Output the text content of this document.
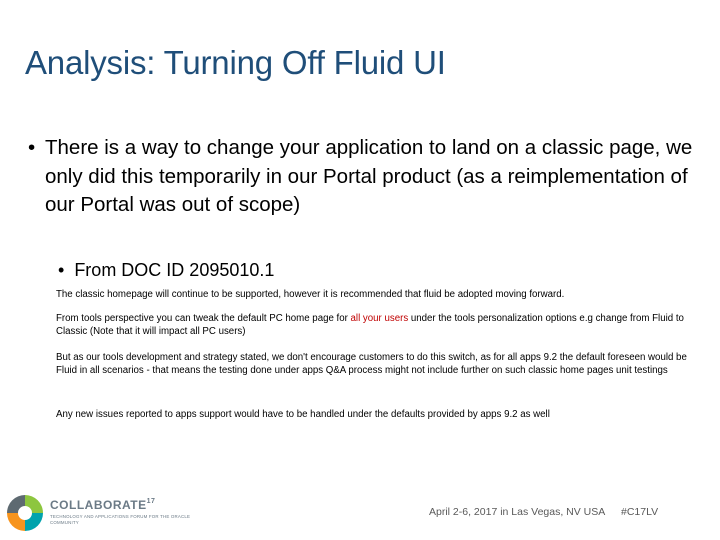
Analysis: Turning Off Fluid UI
• There is a way to change your application to land on a classic page, we only did this temporarily in our Portal product (as a reimplementation of our Portal was out of scope)
• From DOC ID 2095010.1
The classic homepage will continue to be supported, however it is recommended that fluid be adopted moving forward.
From tools perspective you can tweak the default PC home page for all your users under the tools personalization options e.g change from Fluid to Classic (Note that it will impact all PC users)
But as our tools development and strategy stated, we don't encourage customers to do this switch, as for all apps 9.2 the default foreseen would be Fluid in all scenarios - that means the testing done under apps Q&A process might not include further on such classic home pages unit testings
Any new issues reported to apps support would have to be handled under the defaults provided by apps 9.2 as well
COLLABORATE$^{17}$
TECHNOLOGY AND APPLICATIONS FORUM FOR THE ORACLE COMMUNITY
April 2-6, 2017 in Las Vegas, NV USA #C17LV
